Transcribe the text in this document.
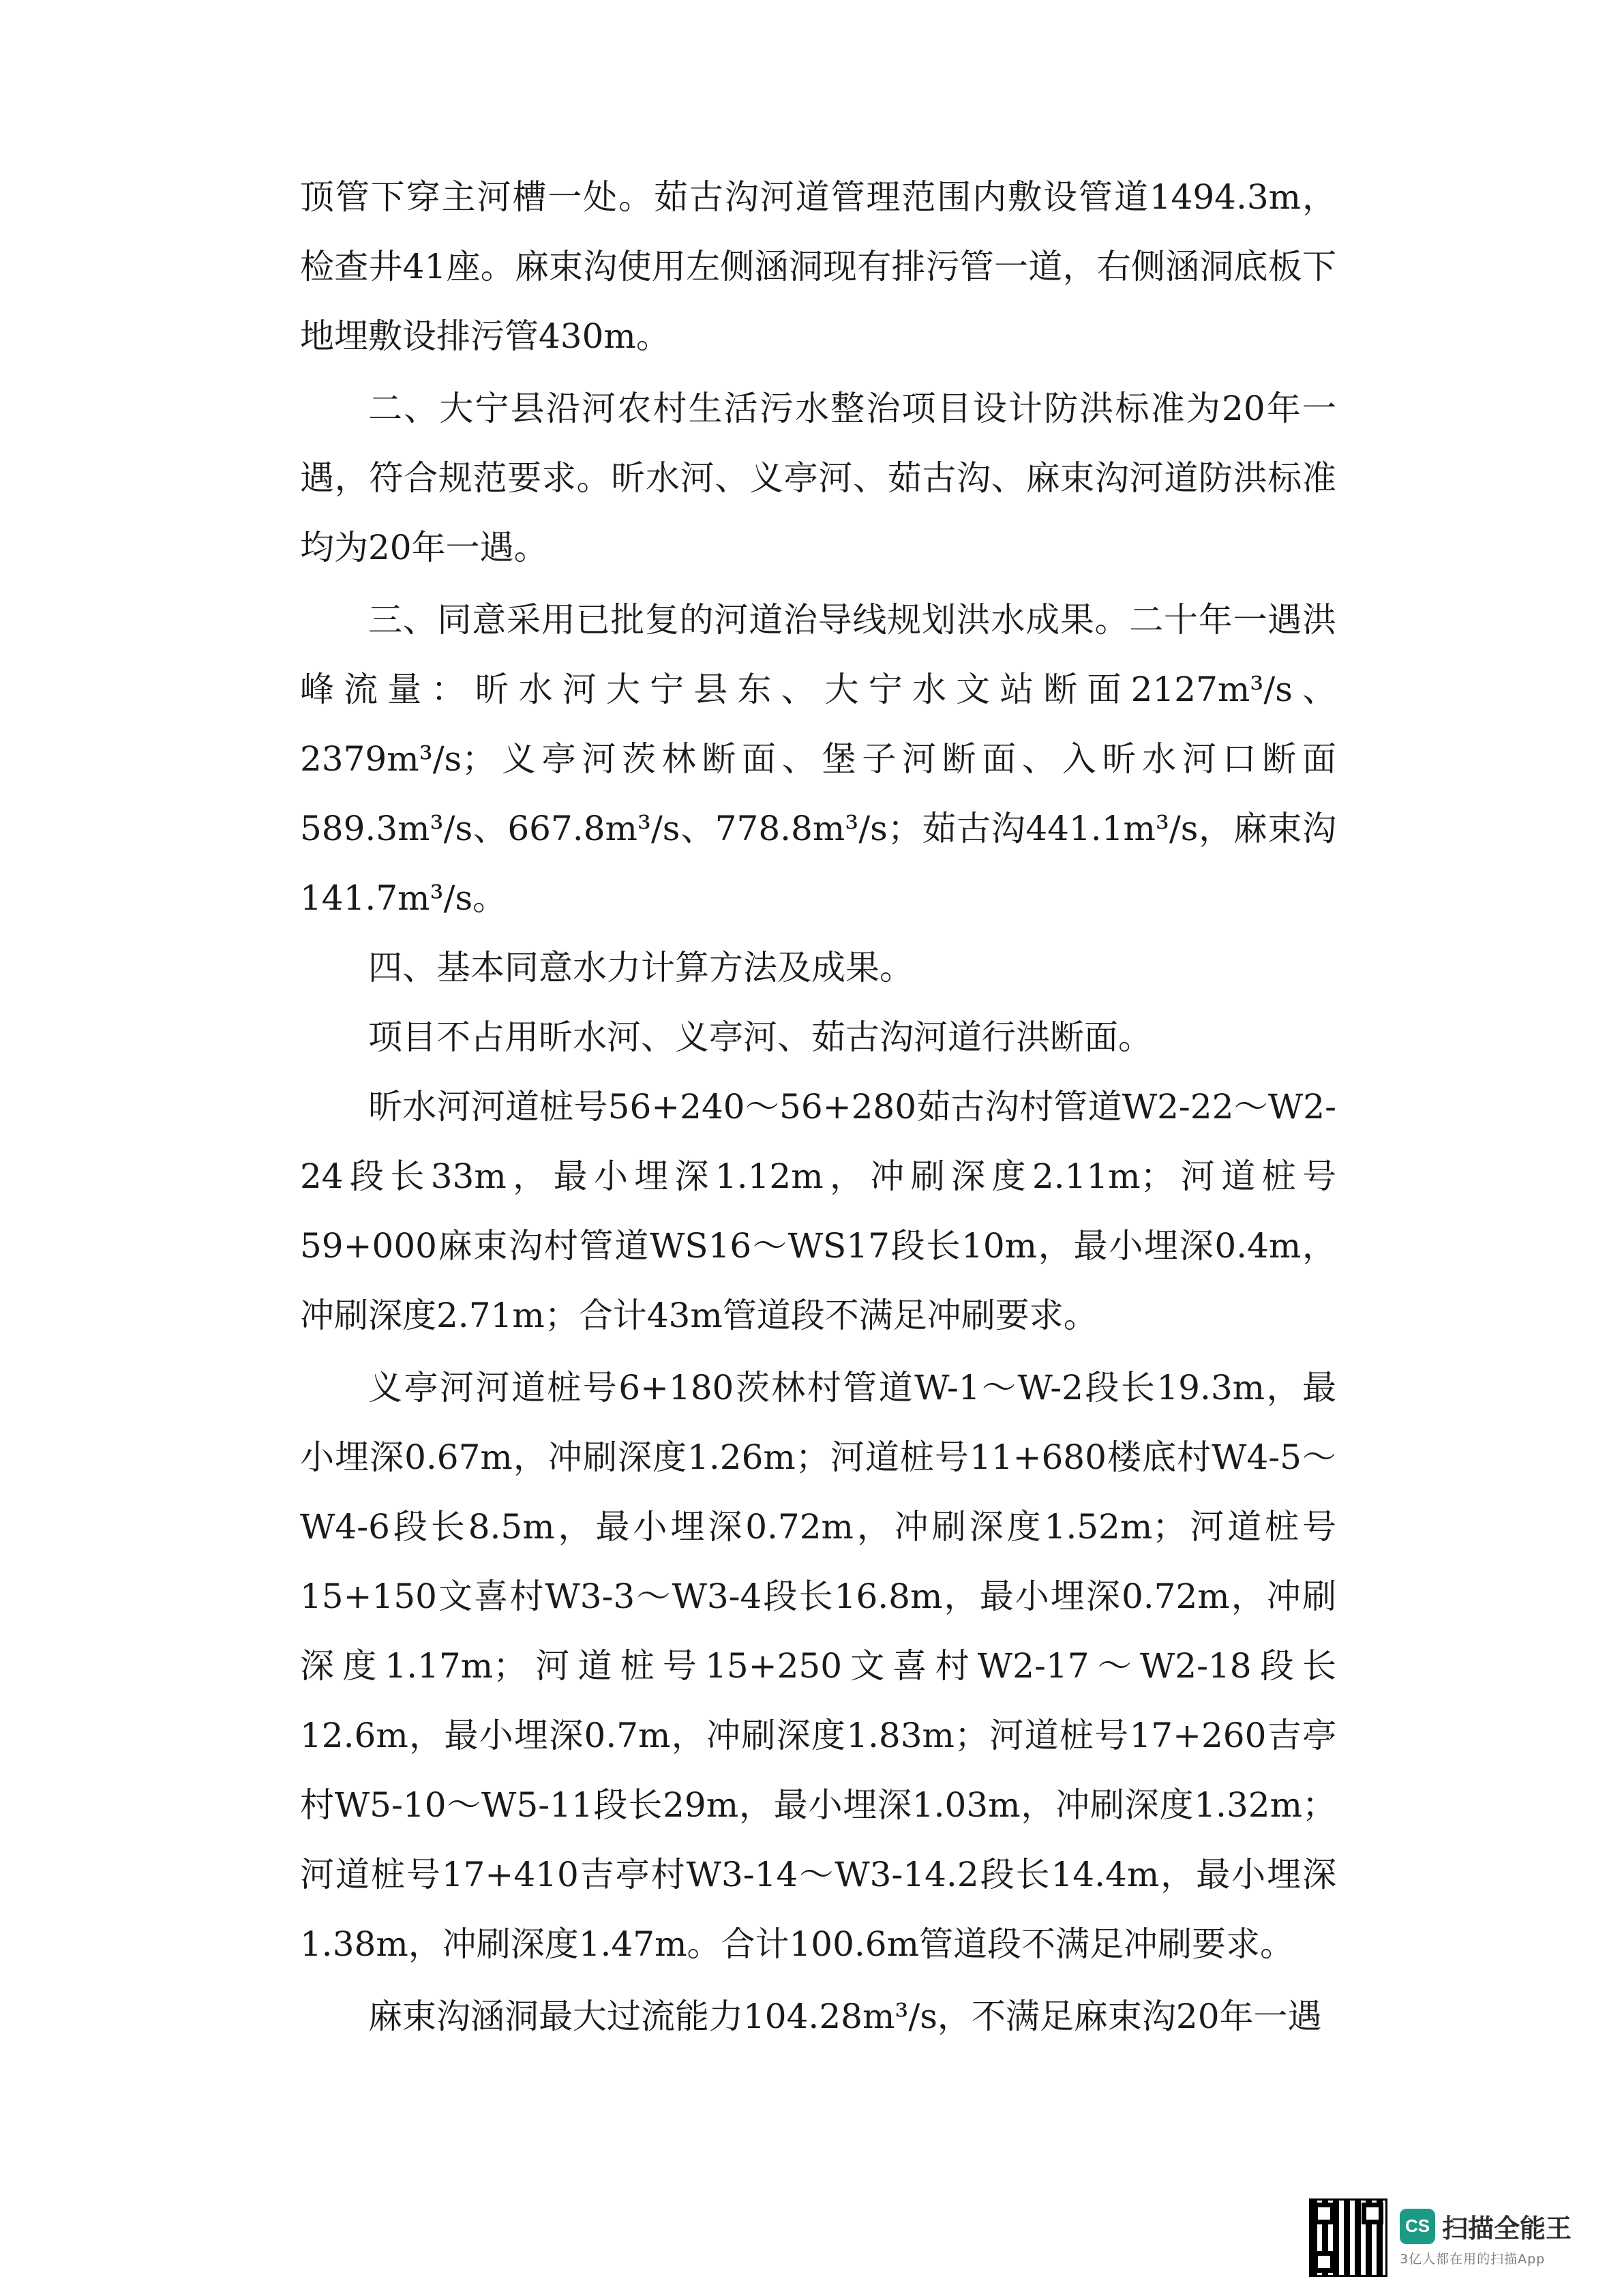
顶管下穿主河槽一处。茹古沟河道管理范围内敷设管道1494.3m，检查井41座。麻束沟使用左侧涵洞现有排污管一道，右侧涵洞底板下地埋敷设排污管430m。

二、大宁县沿河农村生活污水整治项目设计防洪标准为20年一遇，符合规范要求。昕水河、义亭河、茹古沟、麻束沟河道防洪标准均为20年一遇。

三、同意采用已批复的河道治导线规划洪水成果。二十年一遇洪峰流量：昕水河大宁县东、大宁水文站断面2127m³/s、2379m³/s；义亭河茨林断面、堡子河断面、入昕水河口断面589.3m³/s、667.8m³/s、778.8m³/s；茹古沟441.1m³/s，麻束沟141.7m³/s。

四、基本同意水力计算方法及成果。

项目不占用昕水河、义亭河、茹古沟河道行洪断面。

昕水河河道桩号56+240～56+280茹古沟村管道W2-22～W2-24段长33m，最小埋深1.12m，冲刷深度2.11m；河道桩号59+000麻束沟村管道WS16～WS17段长10m，最小埋深0.4m，冲刷深度2.71m；合计43m管道段不满足冲刷要求。

义亭河河道桩号6+180茨林村管道W-1～W-2段长19.3m，最小埋深0.67m，冲刷深度1.26m；河道桩号11+680楼底村W4-5～W4-6段长8.5m，最小埋深0.72m，冲刷深度1.52m；河道桩号15+150文喜村W3-3～W3-4段长16.8m，最小埋深0.72m，冲刷深度1.17m；河道桩号15+250文喜村W2-17～W2-18段长12.6m，最小埋深0.7m，冲刷深度1.83m；河道桩号17+260吉亭村W5-10～W5-11段长29m，最小埋深1.03m，冲刷深度1.32m；河道桩号17+410吉亭村W3-14～W3-14.2段长14.4m，最小埋深1.38m，冲刷深度1.47m。合计100.6m管道段不满足冲刷要求。

麻束沟涵洞最大过流能力104.28m³/s，不满足麻束沟20年一遇

CS 扫描全能王
3亿人都在用的扫描App
